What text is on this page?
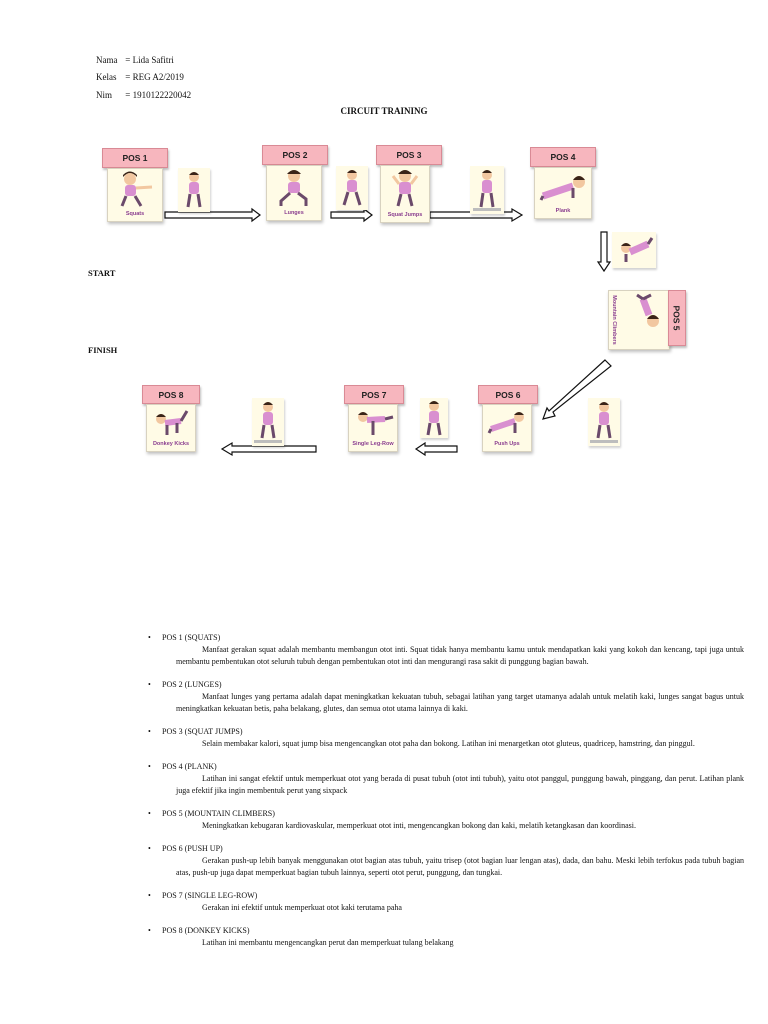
Nama = Lida Safitri
Kelas = REG A2/2019
Nim = 1910122220042
CIRCUIT TRAINING
START
FINISH
POS 1
Squats
POS 2
Lunges
POS 3
Squat Jumps
POS 4
Plank
Mountain Climbers	POS 5
POS 6
Push Ups
POS 7
Single Leg-Row
POS 8
Donkey Kicks
• POS 1 (SQUATS)
Manfaat gerakan squat adalah membantu membangun otot inti. Squat tidak hanya membantu kamu untuk mendapatkan kaki yang kokoh dan kencang, tapi juga untuk membantu pembentukan otot seluruh tubuh dengan pembentukan otot inti dan mengurangi rasa sakit di punggung bagian bawah.
• POS 2 (LUNGES)
Manfaat lunges yang pertama adalah dapat meningkatkan kekuatan tubuh, sebagai latihan yang target utamanya adalah untuk melatih kaki, lunges sangat bagus untuk meningkatkan kekuatan betis, paha belakang, glutes, dan semua otot utama lainnya di kaki.
• POS 3 (SQUAT JUMPS)
Selain membakar kalori, squat jump bisa mengencangkan otot paha dan bokong. Latihan ini menargetkan otot gluteus, quadricep, hamstring, dan pinggul.
• POS 4 (PLANK)
Latihan ini sangat efektif untuk memperkuat otot yang berada di pusat tubuh (otot inti tubuh), yaitu otot panggul, punggung bawah, pinggang, dan perut. Latihan plank juga efektif jika ingin membentuk perut yang sixpack
• POS 5 (MOUNTAIN CLIMBERS)
Meningkatkan kebugaran kardiovaskular, memperkuat otot inti, mengencangkan bokong dan kaki, melatih ketangkasan dan koordinasi.
• POS 6 (PUSH UP)
Gerakan push-up lebih banyak menggunakan otot bagian atas tubuh, yaitu trisep (otot bagian luar lengan atas), dada, dan bahu. Meski lebih terfokus pada tubuh bagian atas, push-up juga dapat memperkuat bagian tubuh lainnya, seperti otot perut, punggung, dan tungkai.
• POS 7 (SINGLE LEG-ROW)
Gerakan ini efektif untuk memperkuat otot kaki terutama paha
• POS 8 (DONKEY KICKS)
Latihan ini membantu mengencangkan perut dan memperkuat tulang belakang
